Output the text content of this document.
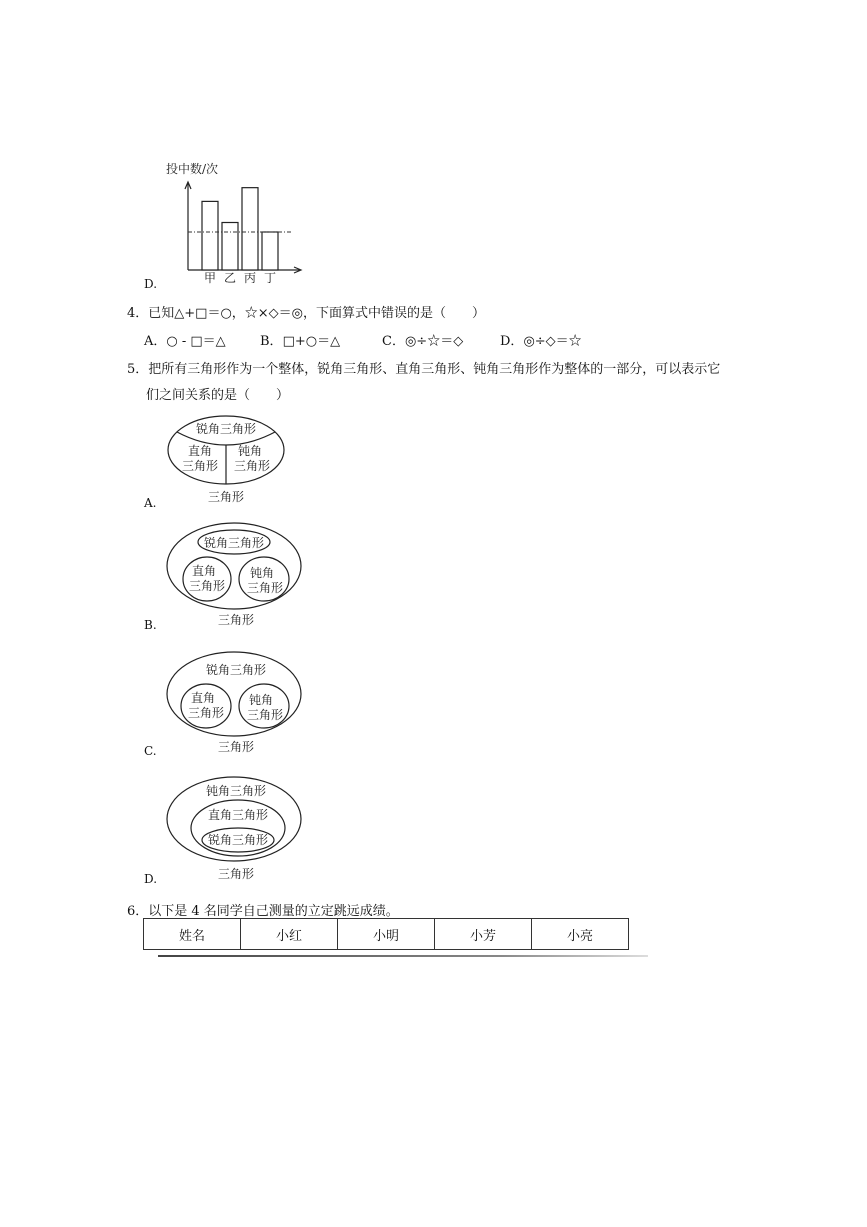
D.
投中数/次
甲 乙 丙 丁
4．已知△+□＝○，☆×◇＝◎，下面算式中错误的是（　　）
A．○ - □＝△	B．□+○＝△	C．◎÷☆＝◇	D．◎÷◇＝☆
5．把所有三角形作为一个整体，锐角三角形、直角三角形、钝角三角形作为整体的一部分，可以表示它
们之间关系的是（　　）
锐角三角形
直角
三角形
钝角
三角形
三角形
A.
锐角三角形
直角
三角形
钝角
三角形
三角形
B.
锐角三角形
直角
三角形
钝角
三角形
三角形
C.
钝角三角形
直角三角形
锐角三角形
三角形
D.
6．以下是 4 名同学自己测量的立定跳远成绩。
姓名	小红	小明	小芳	小亮
